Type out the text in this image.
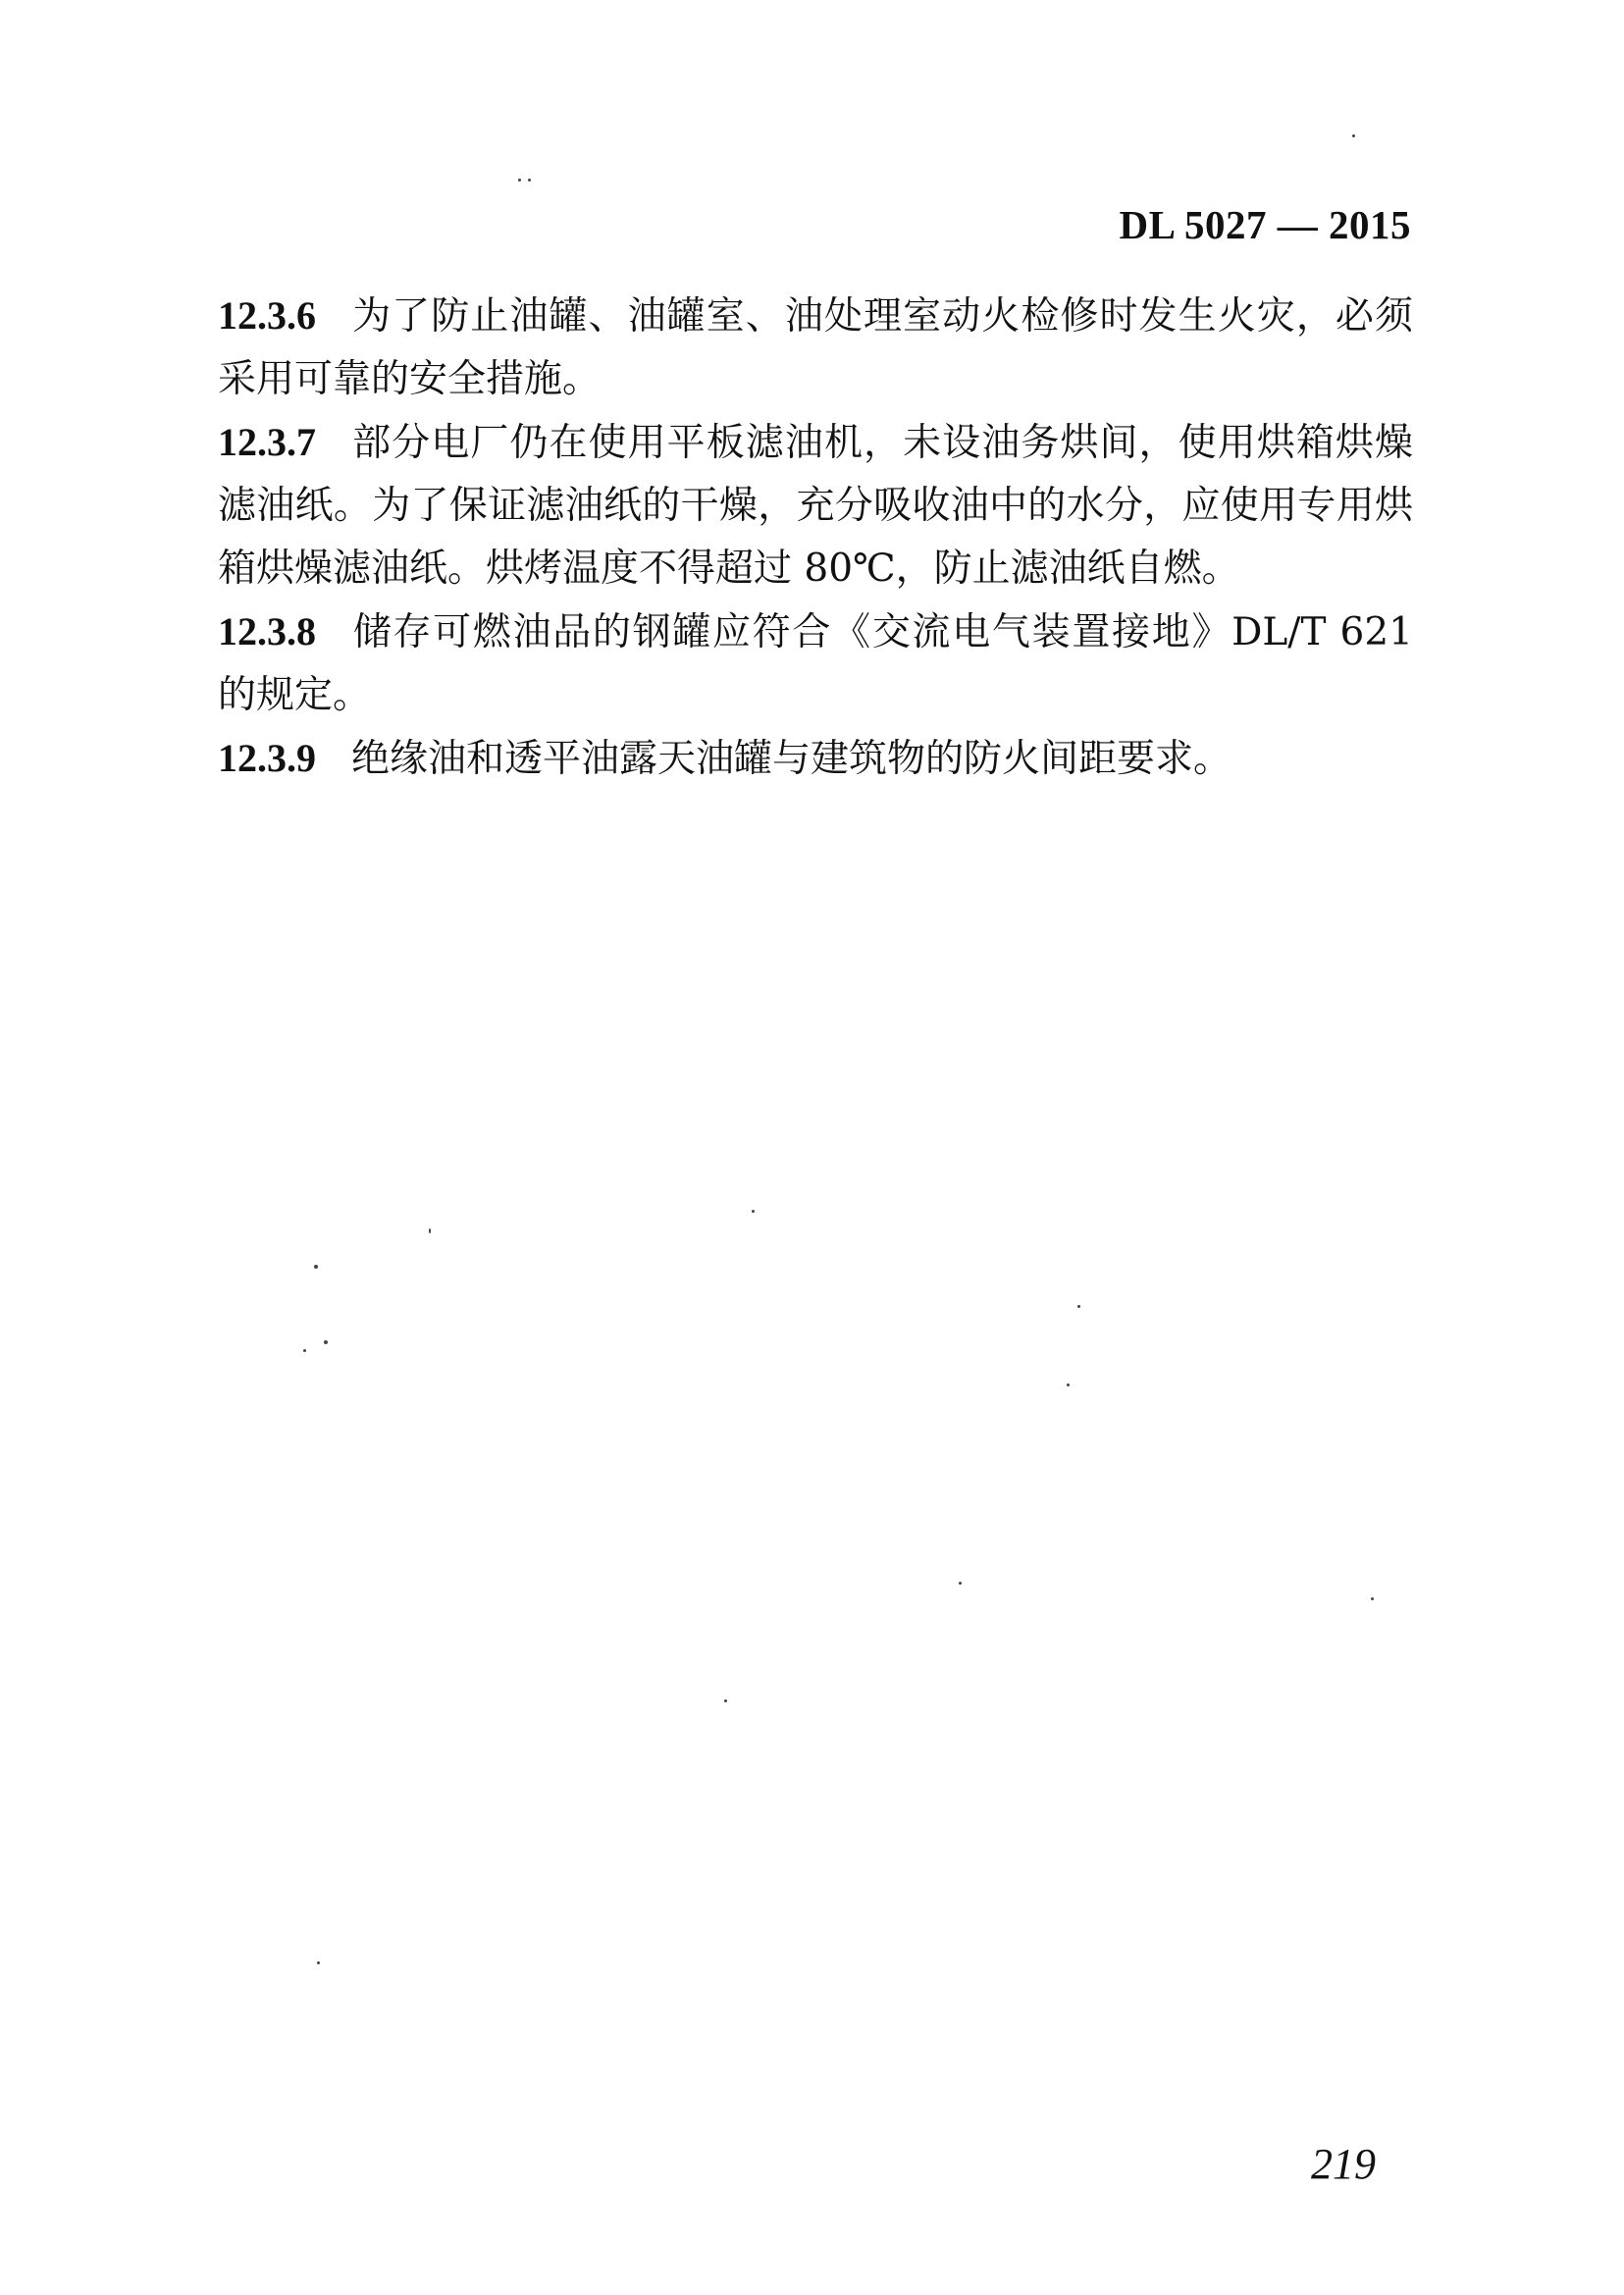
DL 5027 — 2015

12.3.6 为了防止油罐、油罐室、油处理室动火检修时发生火灾，必须采用可靠的安全措施。

12.3.7 部分电厂仍在使用平板滤油机，未设油务烘间，使用烘箱烘燥滤油纸。为了保证滤油纸的干燥，充分吸收油中的水分，应使用专用烘箱烘燥滤油纸。烘烤温度不得超过 80℃，防止滤油纸自燃。

12.3.8 储存可燃油品的钢罐应符合《交流电气装置接地》DL/T 621 的规定。

12.3.9 绝缘油和透平油露天油罐与建筑物的防火间距要求。

219
